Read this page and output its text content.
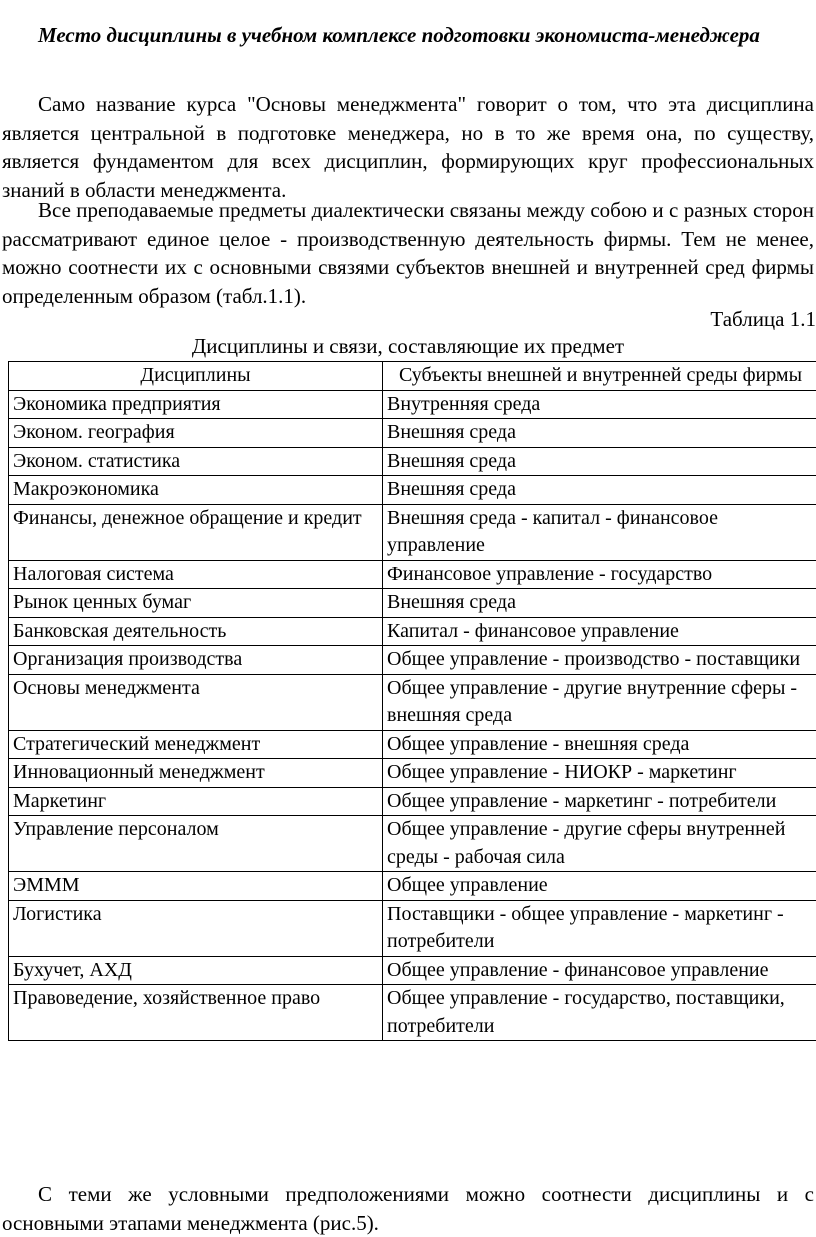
Место дисциплины в учебном комплексе подготовки экономиста-менеджера

Само название курса "Основы менеджмента" говорит о том, что эта дисциплина является центральной в подготовке менеджера, но в то же время она, по существу, является фундаментом для всех дисциплин, формирующих круг профессиональных знаний в области менеджмента.

Все преподаваемые предметы диалектически связаны между собою и с разных сторон рассматривают единое целое - производственную деятельность фирмы. Тем не менее, можно соотнести их с основными связями субъектов внешней и внутренней сред фирмы определенным образом (табл.1.1).

Таблица 1.1

Дисциплины и связи, составляющие их предмет

Дисциплины	Субъекты внешней и внутренней среды фирмы
Экономика предприятия	Внутренняя среда
Эконом. география	Внешняя среда
Эконом. статистика	Внешняя среда
Макроэкономика	Внешняя среда
Финансы, денежное обращение и кредит	Внешняя среда - капитал - финансовое управление
Налоговая система	Финансовое управление - государство
Рынок ценных бумаг	Внешняя среда
Банковская деятельность	Капитал - финансовое управление
Организация производства	Общее управление - производство - поставщики
Основы менеджмента	Общее управление - другие внутренние сферы - внешняя среда
Стратегический менеджмент	Общее управление - внешняя среда
Инновационный менеджмент	Общее управление - НИОКР - маркетинг
Маркетинг	Общее управление - маркетинг - потребители
Управление персоналом	Общее управление - другие сферы внутренней среды - рабочая сила
ЭМММ	Общее управление
Логистика	Поставщики - общее управление - маркетинг - потребители
Бухучет, АХД	Общее управление - финансовое управление
Правоведение, хозяйственное право	Общее управление - государство, поставщики, потребители

С теми же условными предположениями можно соотнести дисциплины и с основными этапами менеджмента (рис.5).
